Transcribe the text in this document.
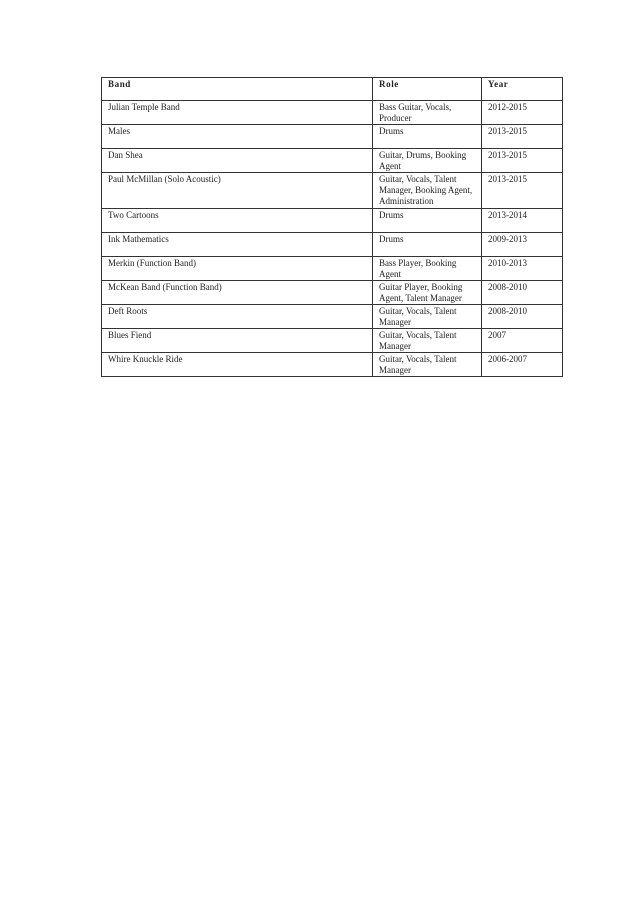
Band	Role	Year
Julian Temple Band	Bass Guitar, Vocals, Producer	2012-2015
Males	Drums	2013-2015
Dan Shea	Guitar, Drums, Booking Agent	2013-2015
Paul McMillan (Solo Acoustic)	Guitar, Vocals, Talent Manager, Booking Agent, Administration	2013-2015
Two Cartoons	Drums	2013-2014
Ink Mathematics	Drums	2009-2013
Merkin (Function Band)	Bass Player, Booking Agent	2010-2013
McKean Band (Function Band)	Guitar Player, Booking Agent, Talent Manager	2008-2010
Deft Roots	Guitar, Vocals, Talent Manager	2008-2010
Blues Fiend	Guitar, Vocals, Talent Manager	2007
Whire Knuckle Ride	Guitar, Vocals, Talent Manager	2006-2007
